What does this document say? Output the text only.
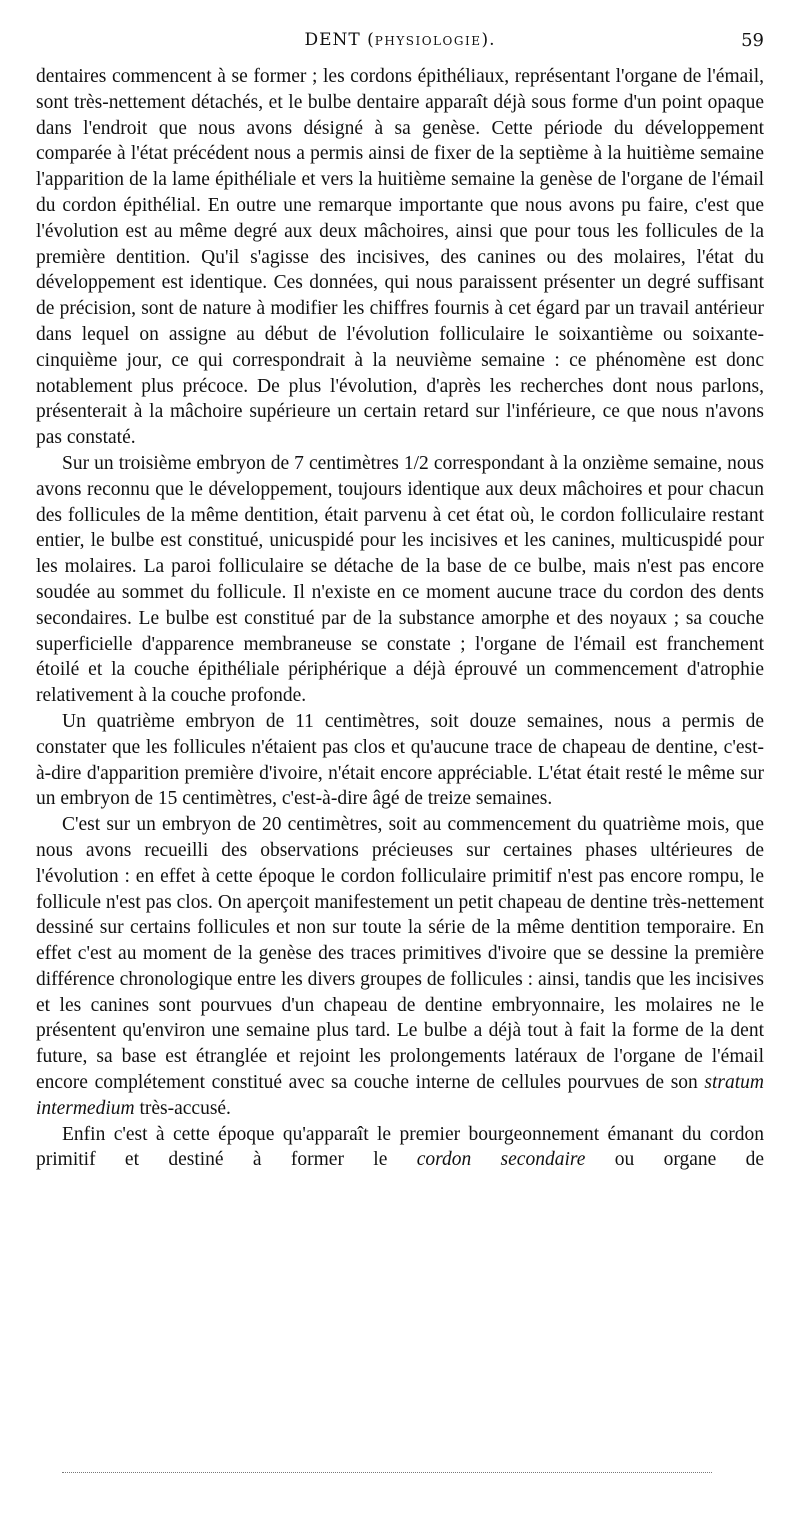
DENT (PHYSIOLOGIE).	59

dentaires commencent à se former ; les cordons épithéliaux, représentant l'organe de l'émail, sont très-nettement détachés, et le bulbe dentaire apparaît déjà sous forme d'un point opaque dans l'endroit que nous avons désigné à sa genèse. Cette période du développement comparée à l'état précédent nous a permis ainsi de fixer de la septième à la huitième semaine l'apparition de la lame épithéliale et vers la huitième semaine la genèse de l'organe de l'émail du cordon épithélial. En outre une remarque importante que nous avons pu faire, c'est que l'évolution est au même degré aux deux mâchoires, ainsi que pour tous les follicules de la première dentition. Qu'il s'agisse des incisives, des canines ou des molaires, l'état du développement est identique. Ces données, qui nous paraissent présenter un degré suffisant de précision, sont de nature à modifier les chiffres fournis à cet égard par un travail antérieur dans lequel on assigne au début de l'évolution folliculaire le soixantième ou soixante-cinquième jour, ce qui correspondrait à la neuvième semaine : ce phénomène est donc notablement plus précoce. De plus l'évolution, d'après les recherches dont nous parlons, présenterait à la mâchoire supérieure un certain retard sur l'inférieure, ce que nous n'avons pas constaté.

Sur un troisième embryon de 7 centimètres 1/2 correspondant à la onzième semaine, nous avons reconnu que le développement, toujours identique aux deux mâchoires et pour chacun des follicules de la même dentition, était parvenu à cet état où, le cordon folliculaire restant entier, le bulbe est constitué, unicuspidé pour les incisives et les canines, multicuspidé pour les molaires. La paroi folliculaire se détache de la base de ce bulbe, mais n'est pas encore soudée au sommet du follicule. Il n'existe en ce moment aucune trace du cordon des dents secondaires. Le bulbe est constitué par de la substance amorphe et des noyaux ; sa couche superficielle d'apparence membraneuse se constate ; l'organe de l'émail est franchement étoilé et la couche épithéliale périphérique a déjà éprouvé un commencement d'atrophie relativement à la couche profonde.

Un quatrième embryon de 11 centimètres, soit douze semaines, nous a permis de constater que les follicules n'étaient pas clos et qu'aucune trace de chapeau de dentine, c'est-à-dire d'apparition première d'ivoire, n'était encore appréciable. L'état était resté le même sur un embryon de 15 centimètres, c'est-à-dire âgé de treize semaines.

C'est sur un embryon de 20 centimètres, soit au commencement du quatrième mois, que nous avons recueilli des observations précieuses sur certaines phases ultérieures de l'évolution : en effet à cette époque le cordon folliculaire primitif n'est pas encore rompu, le follicule n'est pas clos. On aperçoit manifestement un petit chapeau de dentine très-nettement dessiné sur certains follicules et non sur toute la série de la même dentition temporaire. En effet c'est au moment de la genèse des traces primitives d'ivoire que se dessine la première différence chronologique entre les divers groupes de follicules : ainsi, tandis que les incisives et les canines sont pourvues d'un chapeau de dentine embryonnaire, les molaires ne le présentent qu'environ une semaine plus tard. Le bulbe a déjà tout à fait la forme de la dent future, sa base est étranglée et rejoint les prolongements latéraux de l'organe de l'émail encore complétement constitué avec sa couche interne de cellules pourvues de son stratum intermedium très-accusé.

Enfin c'est à cette époque qu'apparaît le premier bourgeonnement émanant du cordon primitif et destiné à former le cordon secondaire ou organe de
